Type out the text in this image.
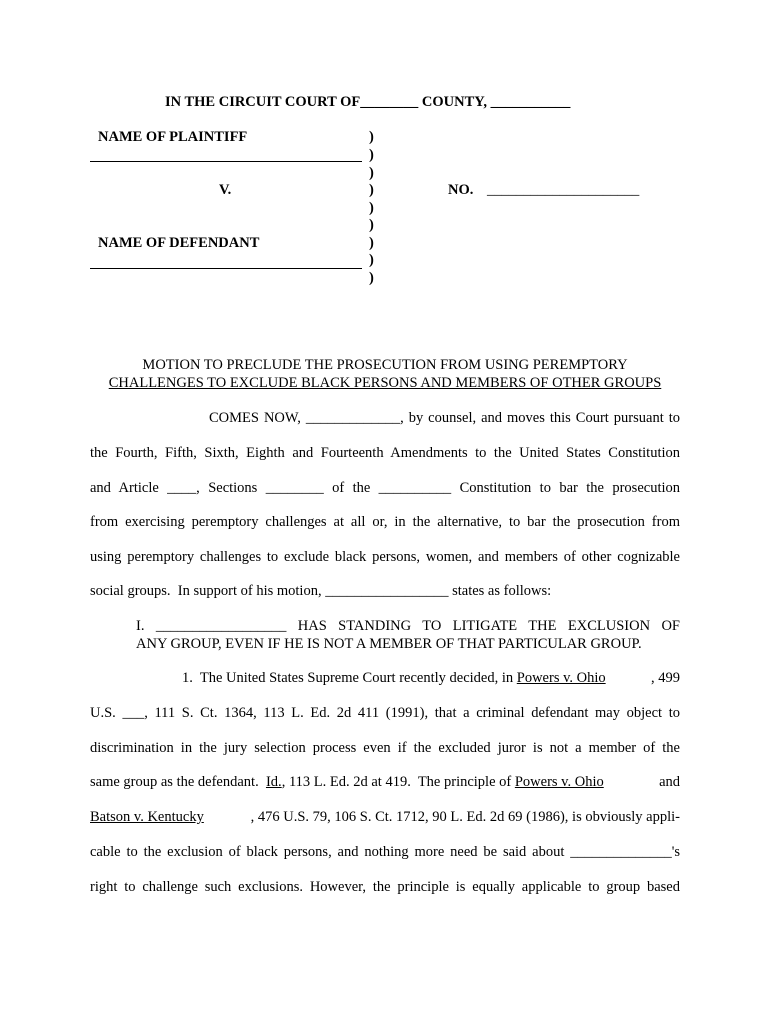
IN THE CIRCUIT COURT OF________ COUNTY, ___________
NAME OF PLAINTIFF
V.
NAME OF DEFENDANT
)
)
)
)
)
)
)
)
)
NO. _____________________
MOTION TO PRECLUDE THE PROSECUTION FROM USING PEREMPTORY
CHALLENGES TO EXCLUDE BLACK PERSONS AND MEMBERS OF OTHER GROUPS
COMES NOW, _____________, by counsel, and moves this Court pursuant to
the Fourth, Fifth, Sixth, Eighth and Fourteenth Amendments to the United States Constitution
and Article ____, Sections ________ of the __________ Constitution to bar the prosecution
from exercising peremptory challenges at all or, in the alternative, to bar the prosecution from
using peremptory challenges to exclude black persons, women, and members of other cognizable
social groups.  In support of his motion, _________________ states as follows:
I.  __________________  HAS  STANDING  TO  LITIGATE  THE  EXCLUSION  OF
ANY GROUP, EVEN IF HE IS NOT A MEMBER OF THAT PARTICULAR GROUP.
1.  The United States Supreme Court recently decided, in Powers v. Ohio	, 499
U.S. ___, 111 S. Ct. 1364, 113 L. Ed. 2d 411 (1991), that a criminal defendant may object to
discrimination in the jury selection process even if the excluded juror is not a member of the
same group as the defendant. Id. , 113 L. Ed. 2d at 419.  The principle of Powers v. Ohio	and
Batson v. Kentucky	, 476 U.S. 79, 106 S. Ct. 1712, 90 L. Ed. 2d 69 (1986), is obviously appli-
cable to the exclusion of black persons, and nothing more need be said about ______________'s
right to challenge such exclusions. However, the principle is equally applicable to group based
